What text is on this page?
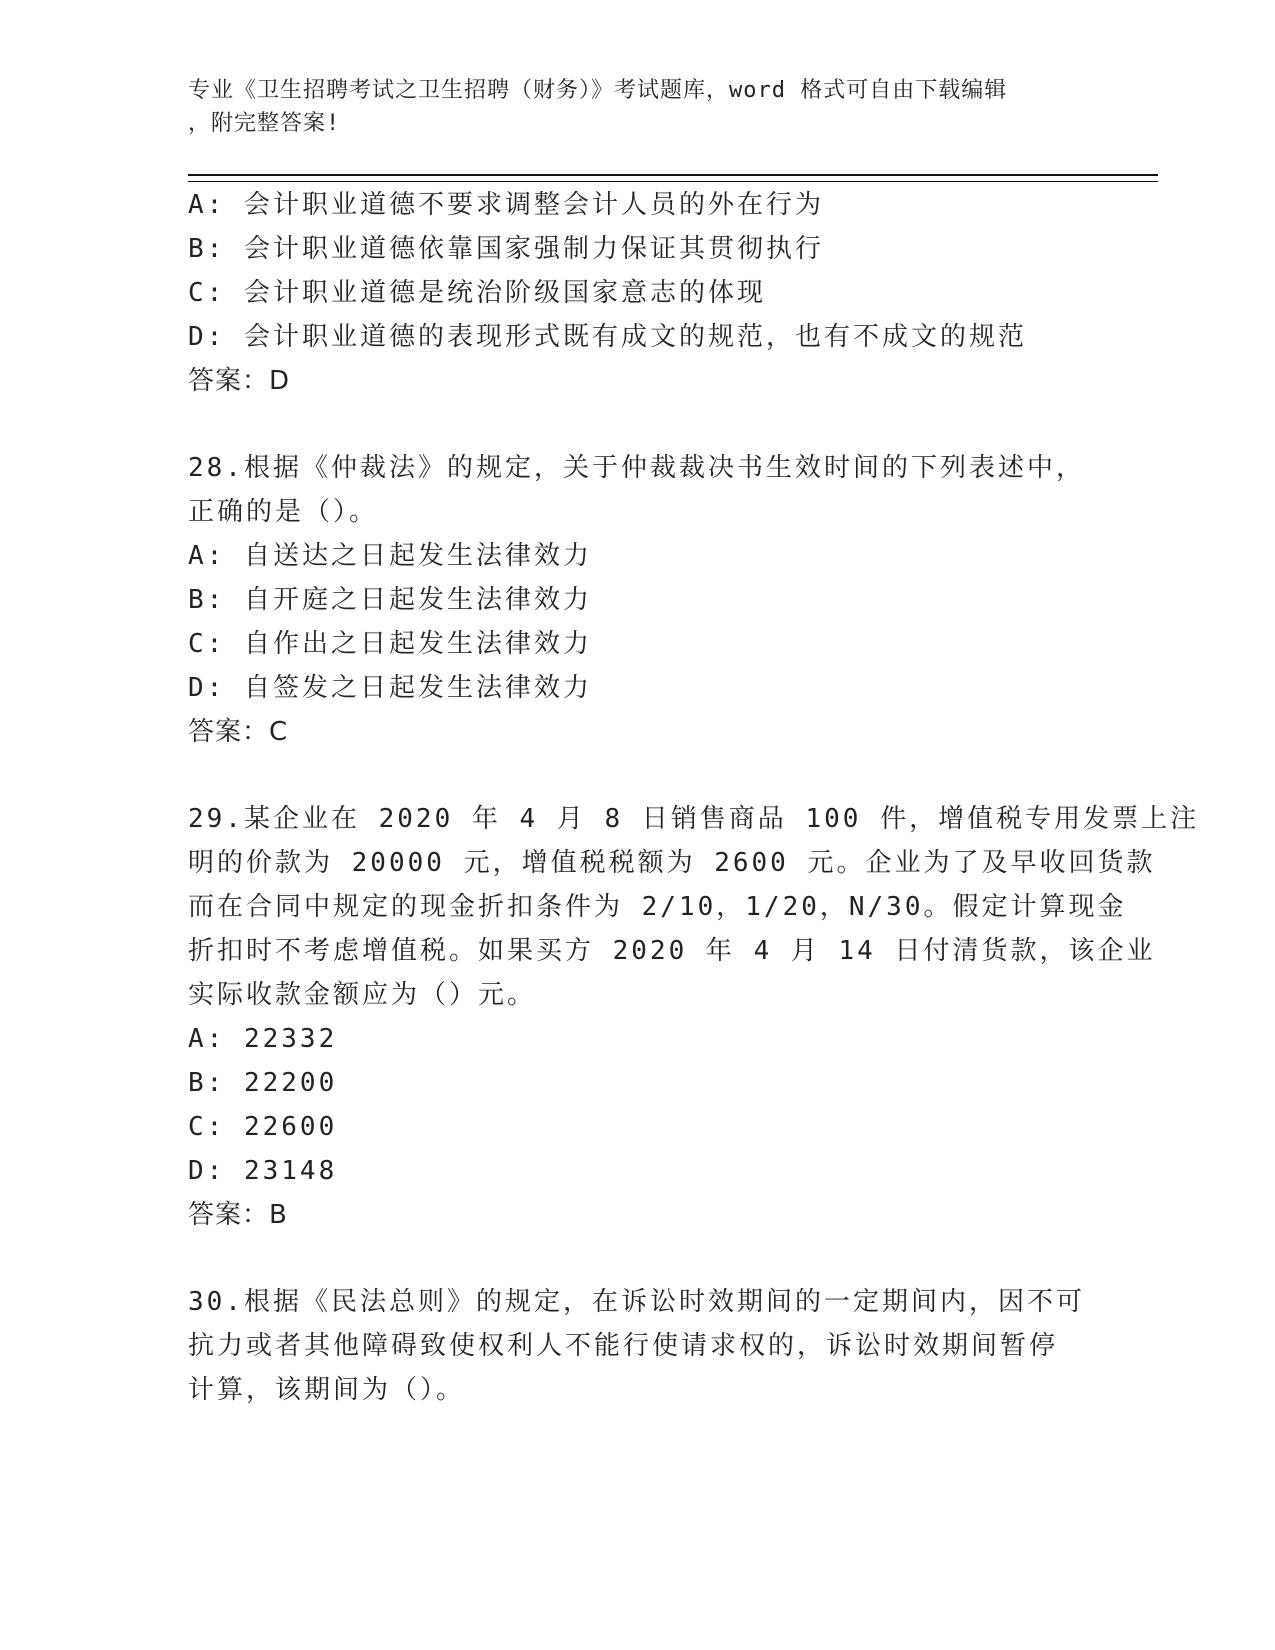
专业《卫生招聘考试之卫生招聘（财务）》考试题库，word 格式可自由下载编辑
，附完整答案!
A: 会计职业道德不要求调整会计人员的外在行为
B: 会计职业道德依靠国家强制力保证其贯彻执行
C: 会计职业道德是统治阶级国家意志的体现
D: 会计职业道德的表现形式既有成文的规范，也有不成文的规范
答案：D
28.根据《仲裁法》的规定，关于仲裁裁决书生效时间的下列表述中，
正确的是（）。
A: 自送达之日起发生法律效力
B: 自开庭之日起发生法律效力
C: 自作出之日起发生法律效力
D: 自签发之日起发生法律效力
答案：C
29.某企业在 2020 年 4 月 8 日销售商品 100 件，增值税专用发票上注
明的价款为 20000 元，增值税税额为 2600 元。企业为了及早收回货款
而在合同中规定的现金折扣条件为 2/10，1/20，N/30。假定计算现金
折扣时不考虑增值税。如果买方 2020 年 4 月 14 日付清货款，该企业
实际收款金额应为（）元。
A: 22332
B: 22200
C: 22600
D: 23148
答案：B
30.根据《民法总则》的规定，在诉讼时效期间的一定期间内，因不可
抗力或者其他障碍致使权利人不能行使请求权的，诉讼时效期间暂停
计算，该期间为（）。
